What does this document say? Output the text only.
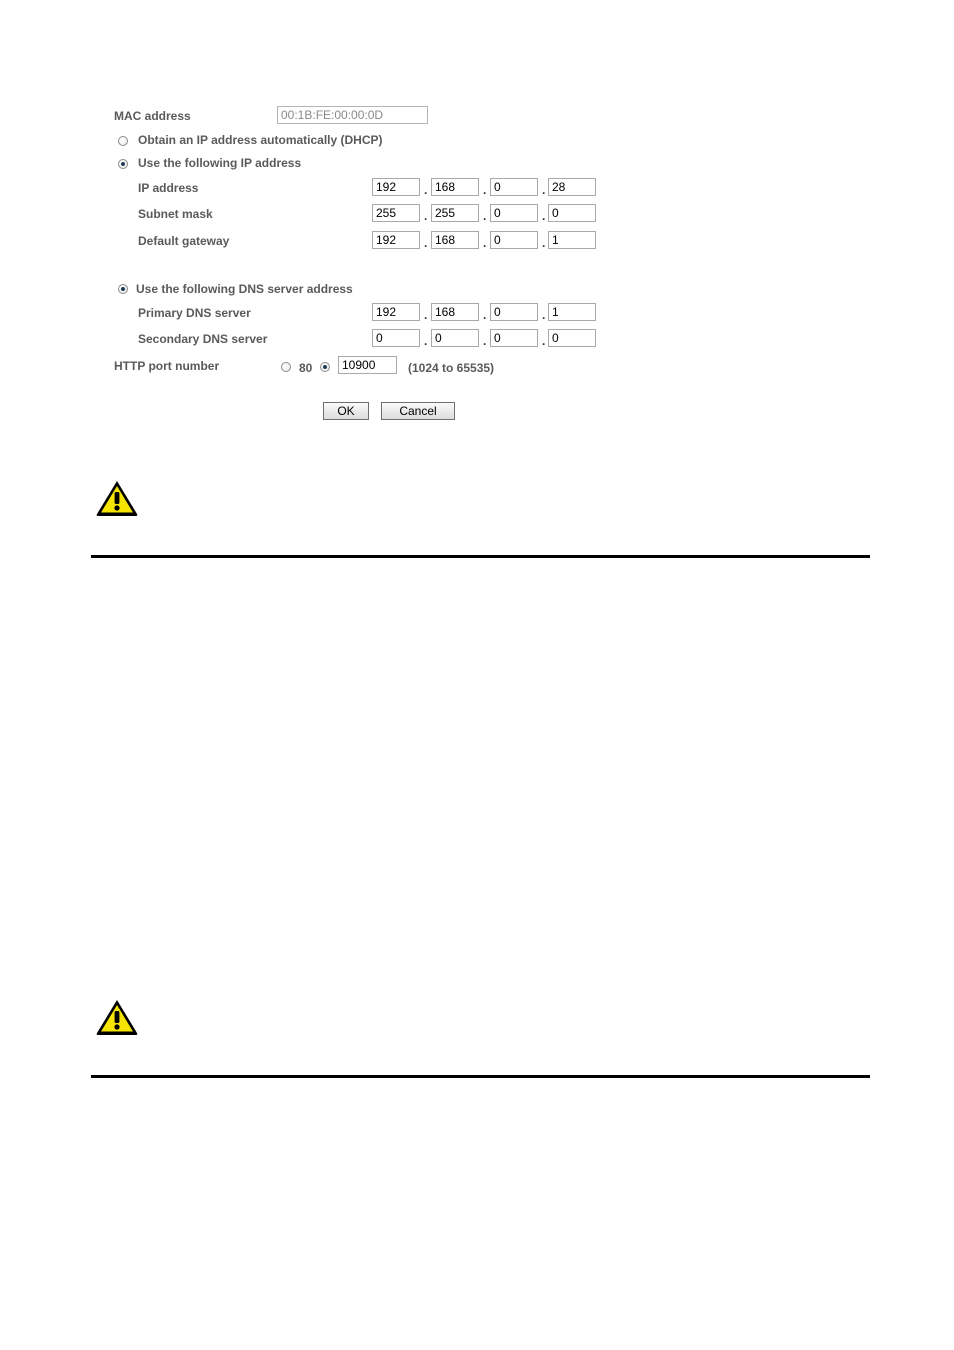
MAC address
00:1B:FE:00:00:0D
Obtain an IP address automatically (DHCP)
Use the following IP address
IP address
192	.
168	.
0	.
28
Subnet mask
255	.
255	.
0	.
0
Default gateway
192	.
168	.
0	.
1
Use the following DNS server address
Primary DNS server
192	.
168	.
0	.
1
Secondary DNS server
0	.
0	.
0	.
0
HTTP port number	80
10900	(1024 to 65535)
OK	Cancel
